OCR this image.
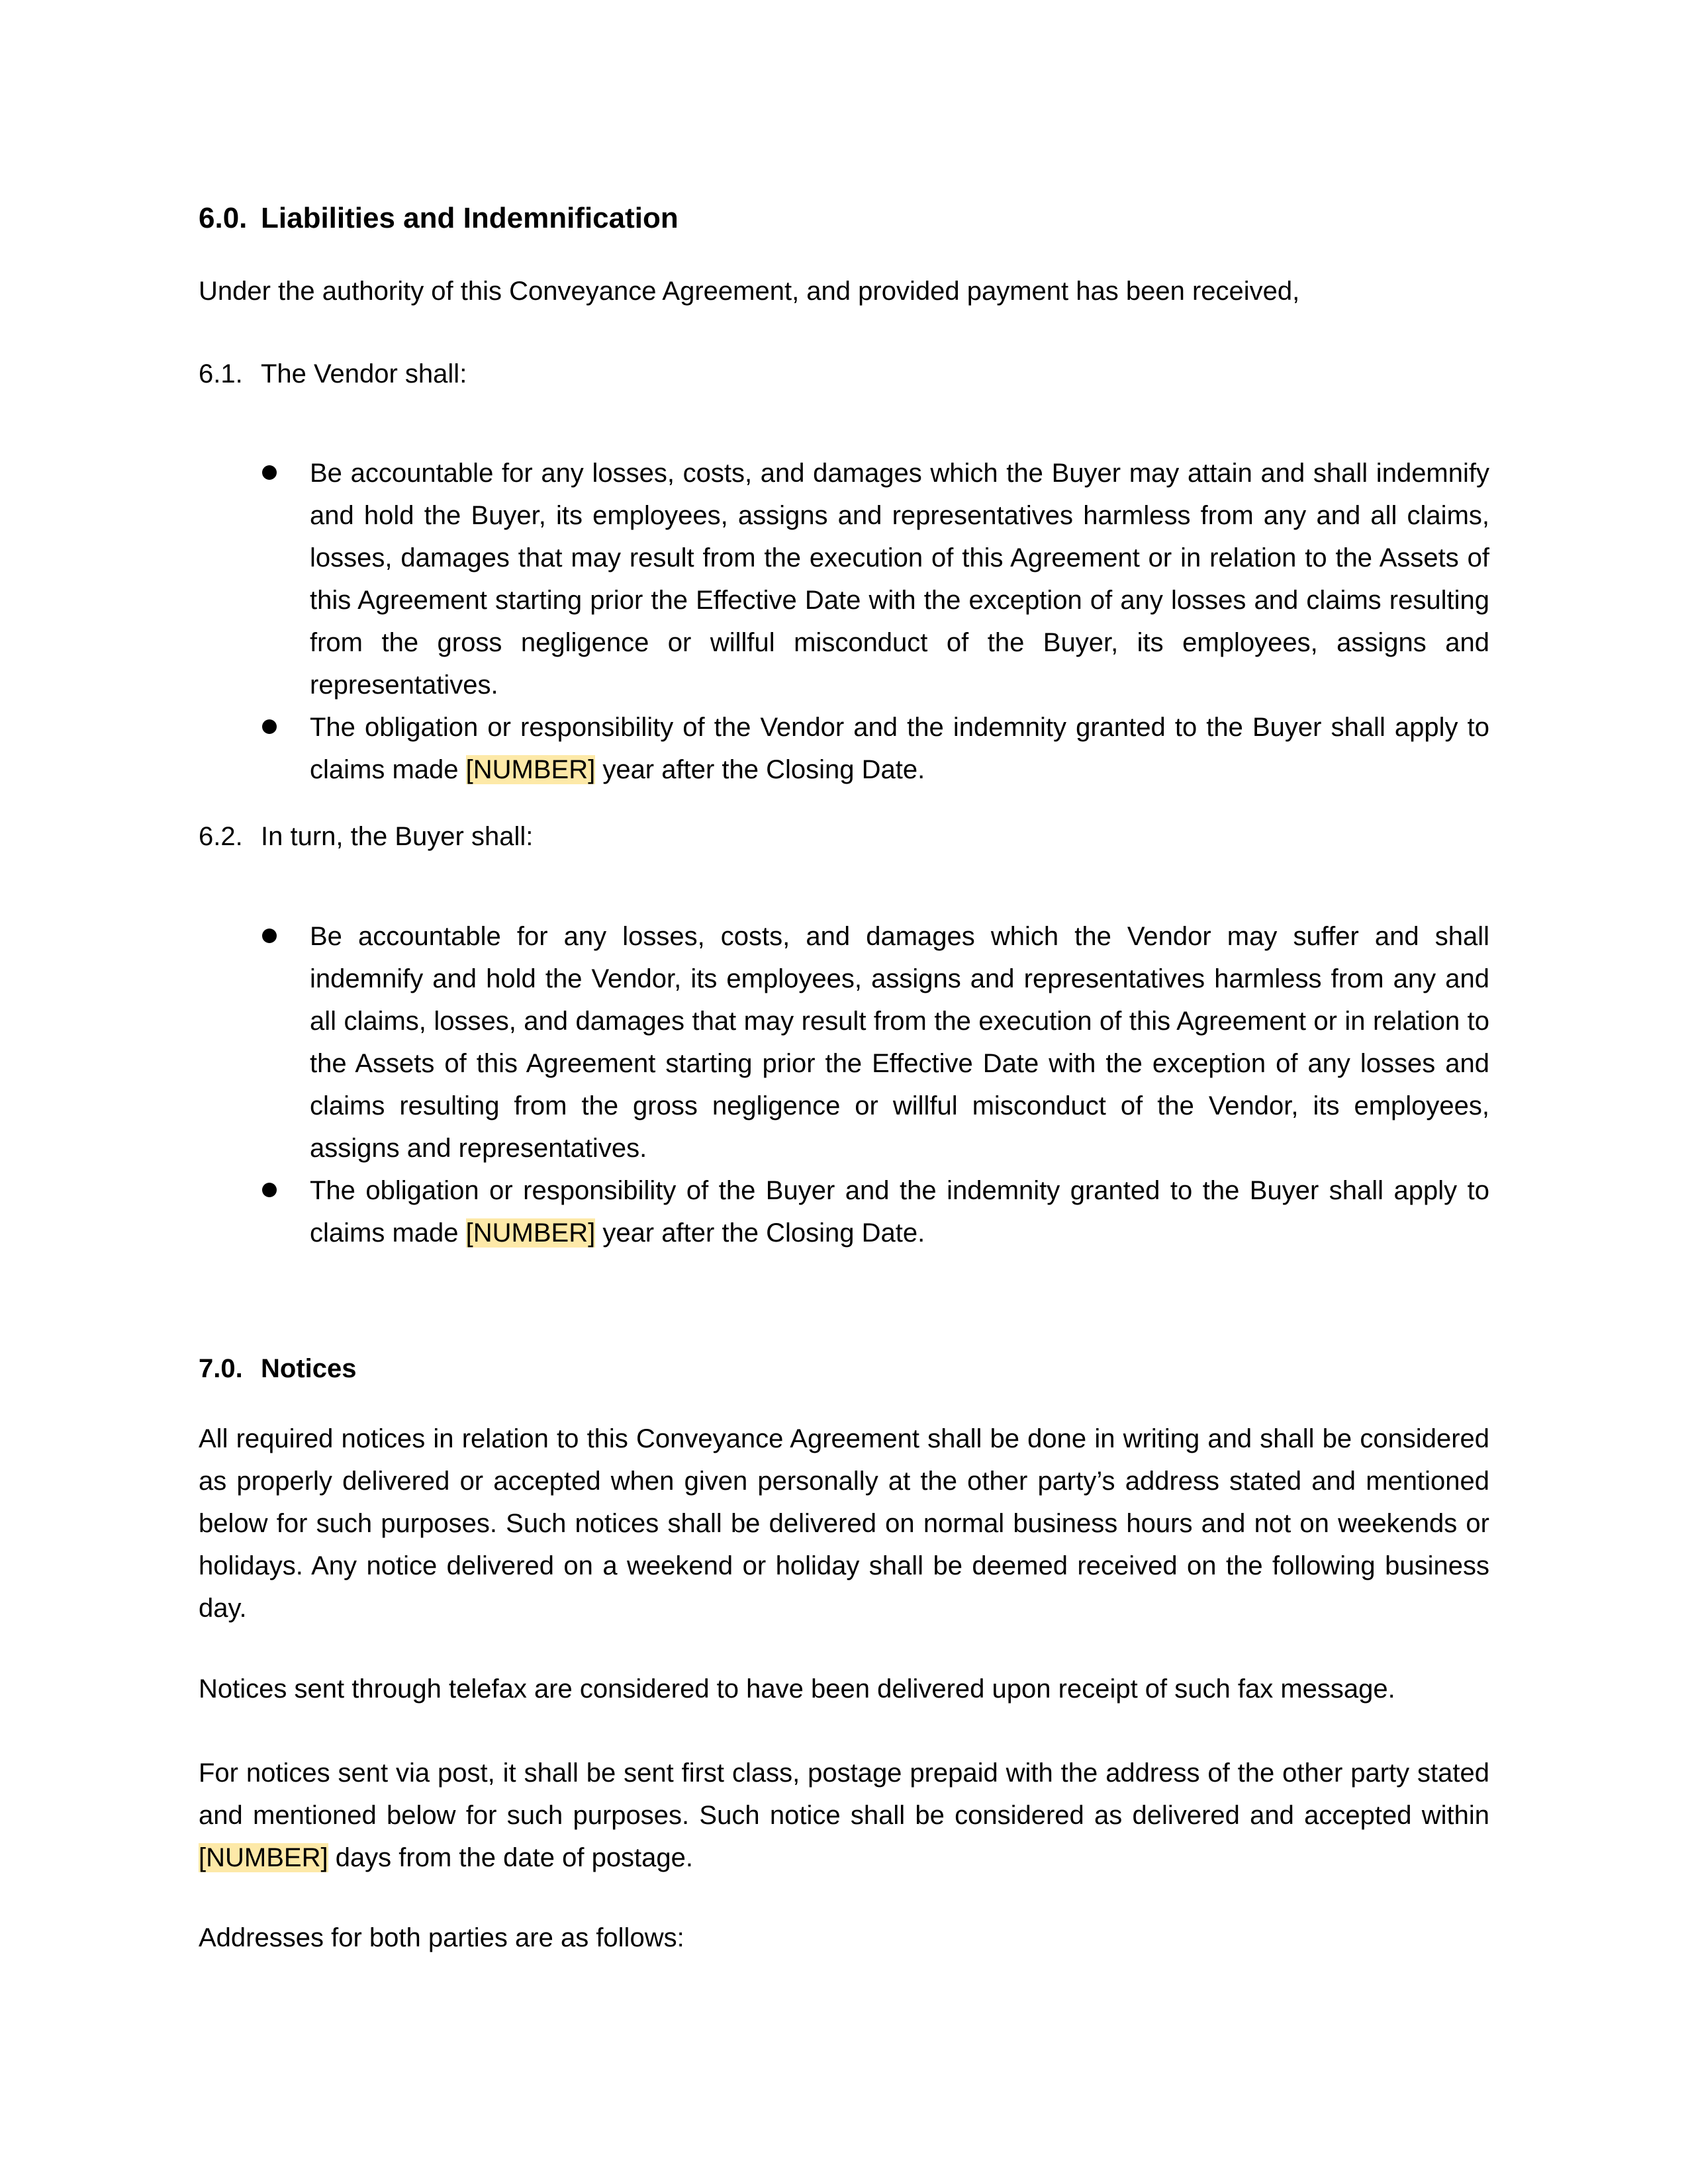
6.0. Liabilities and Indemnification
Under the authority of this Conveyance Agreement, and provided payment has been received,
6.1. The Vendor shall:
Be accountable for any losses, costs, and damages which the Buyer may attain and shall indemnify and hold the Buyer, its employees, assigns and representatives harmless from any and all claims, losses, damages that may result from the execution of this Agreement or in relation to the Assets of this Agreement starting prior the Effective Date with the exception of any losses and claims resulting from the gross negligence or willful misconduct of the Buyer, its employees, assigns and representatives.
The obligation or responsibility of the Vendor and the indemnity granted to the Buyer shall apply to claims made [NUMBER] year after the Closing Date.
6.2. In turn, the Buyer shall:
Be accountable for any losses, costs, and damages which the Vendor may suffer and shall indemnify and hold the Vendor, its employees, assigns and representatives harmless from any and all claims, losses, and damages that may result from the execution of this Agreement or in relation to the Assets of this Agreement starting prior the Effective Date with the exception of any losses and claims resulting from the gross negligence or willful misconduct of the Vendor, its employees, assigns and representatives.
The obligation or responsibility of the Buyer and the indemnity granted to the Buyer shall apply to claims made [NUMBER] year after the Closing Date.
7.0. Notices
All required notices in relation to this Conveyance Agreement shall be done in writing and shall be considered as properly delivered or accepted when given personally at the other party’s address stated and mentioned below for such purposes. Such notices shall be delivered on normal business hours and not on weekends or holidays. Any notice delivered on a weekend or holiday shall be deemed received on the following business day.
Notices sent through telefax are considered to have been delivered upon receipt of such fax message.
For notices sent via post, it shall be sent first class, postage prepaid with the address of the other party stated and mentioned below for such purposes. Such notice shall be considered as delivered and accepted within [NUMBER] days from the date of postage.
Addresses for both parties are as follows:
